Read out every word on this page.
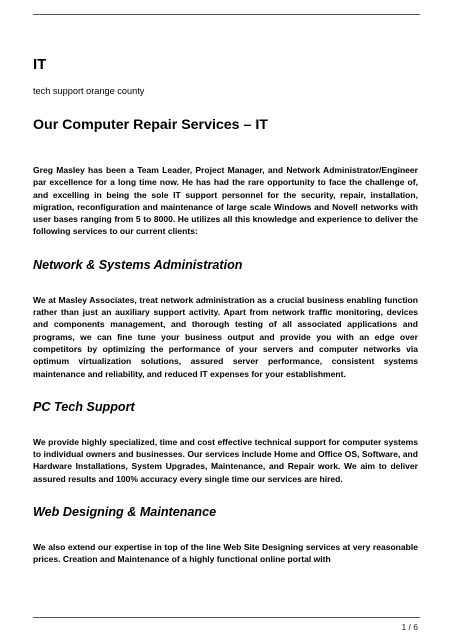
IT

tech support orange county

Our Computer Repair Services – IT

Greg Masley has been a Team Leader, Project Manager, and Network Administrator/Engineer par excellence for a long time now. He has had the rare opportunity to face the challenge of, and excelling in being the sole IT support personnel for the security, repair, installation, migration, reconfiguration and maintenance of large scale Windows and Novell networks with user bases ranging from 5 to 8000. He utilizes all this knowledge and experience to deliver the following services to our current clients:

Network & Systems Administration

We at Masley Associates, treat network administration as a crucial business enabling function rather than just an auxiliary support activity. Apart from network traffic monitoring, devices and components management, and thorough testing of all associated applications and programs, we can fine tune your business output and provide you with an edge over competitors by optimizing the performance of your servers and computer networks via optimum virtualization solutions, assured server performance, consistent systems maintenance and reliability, and reduced IT expenses for your establishment.

PC Tech Support

We provide highly specialized, time and cost effective technical support for computer systems to individual owners and businesses. Our services include Home and Office OS, Software, and Hardware Installations, System Upgrades, Maintenance, and Repair work. We aim to deliver assured results and 100% accuracy every single time our services are hired.

Web Designing & Maintenance

We also extend our expertise in top of the line Web Site Designing services at very reasonable prices. Creation and Maintenance of a highly functional online portal with

1 / 6
